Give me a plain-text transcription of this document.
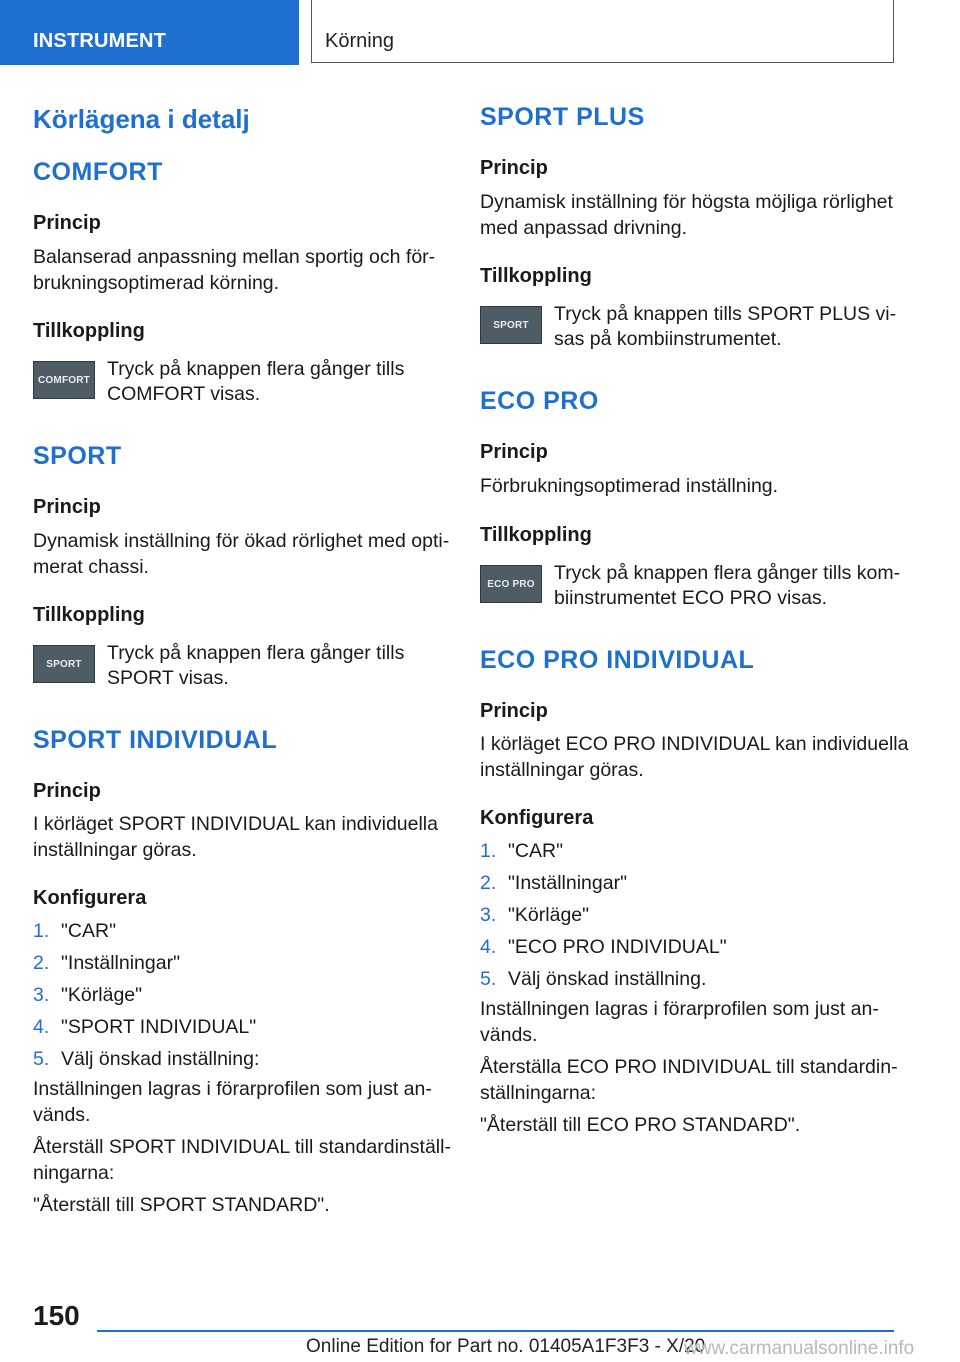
INSTRUMENT	Körning
Körlägena i detalj
COMFORT
Princip
Balanserad anpassning mellan sportig och för-
brukningsoptimerad körning.
Tillkoppling
COMFORT Tryck på knappen flera gånger tills
COMFORT visas.
SPORT
Princip
Dynamisk inställning för ökad rörlighet med opti-
merat chassi.
Tillkoppling
SPORT Tryck på knappen flera gånger tills
SPORT visas.
SPORT INDIVIDUAL
Princip
I körläget SPORT INDIVIDUAL kan individuella
inställningar göras.
Konfigurera
1. "CAR"
2. "Inställningar"
3. "Körläge"
4. "SPORT INDIVIDUAL"
5. Välj önskad inställning:
Inställningen lagras i förarprofilen som just an-
vänds.
Återställ SPORT INDIVIDUAL till standardinställ-
ningarna:
"Återställ till SPORT STANDARD".
SPORT PLUS
Princip
Dynamisk inställning för högsta möjliga rörlighet
med anpassad drivning.
Tillkoppling
SPORT Tryck på knappen tills SPORT PLUS vi-
sas på kombiinstrumentet.
ECO PRO
Princip
Förbrukningsoptimerad inställning.
Tillkoppling
ECO PRO Tryck på knappen flera gånger tills kom-
biinstrumentet ECO PRO visas.
ECO PRO INDIVIDUAL
Princip
I körläget ECO PRO INDIVIDUAL kan individuella
inställningar göras.
Konfigurera
1. "CAR"
2. "Inställningar"
3. "Körläge"
4. "ECO PRO INDIVIDUAL"
5. Välj önskad inställning.
Inställningen lagras i förarprofilen som just an-
vänds.
Återställa ECO PRO INDIVIDUAL till standardin-
ställningarna:
"Återställ till ECO PRO STANDARD".
150
Online Edition for Part no. 01405A1F3F3 - X/20
www.carmanualsonline.info
